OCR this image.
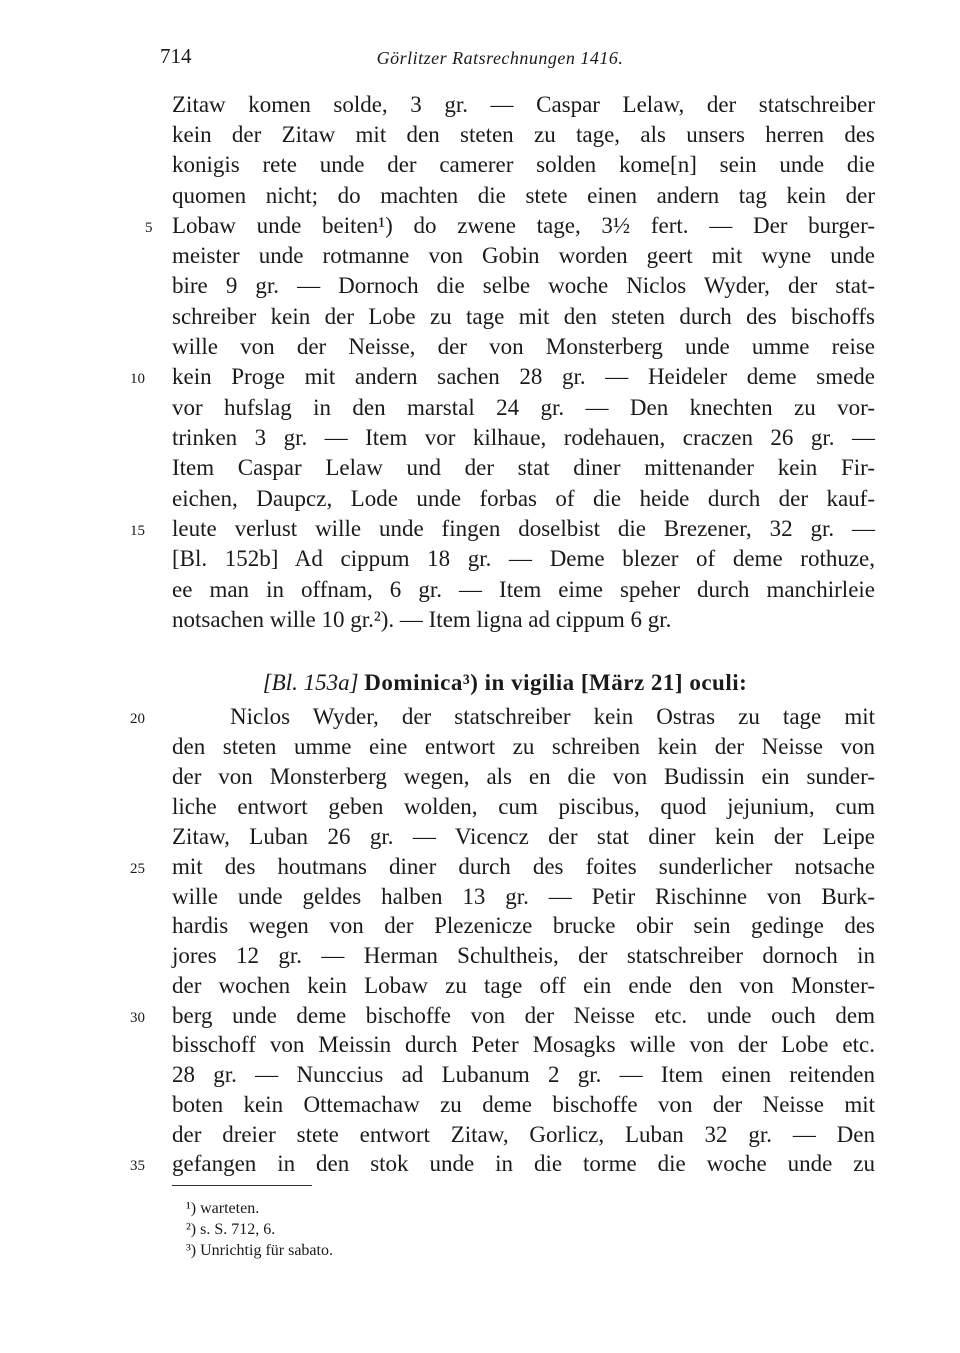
714	Görlitzer Ratsrechnungen 1416.
Zitaw komen solde, 3 gr. — Caspar Lelaw, der statschreiber
kein der Zitaw mit den steten zu tage, als unsers herren des
konigis rete unde der camerer solden kome[n] sein unde die
quomen nicht; do machten die stete einen andern tag kein der
Lobaw unde beiten¹) do zwene tage, 3½ fert. — Der burger-
meister unde rotmanne von Gobin worden geert mit wyne unde
bire 9 gr. — Dornoch die selbe woche Niclos Wyder, der stat-
schreiber kein der Lobe zu tage mit den steten durch des bischoffs
wille von der Neisse, der von Monsterberg unde umme reise
kein Proge mit andern sachen 28 gr. — Heideler deme smede
vor hufslag in den marstal 24 gr. — Den knechten zu vor-
trinken 3 gr. — Item vor kilhaue, rodehauen, craczen 26 gr. —
Item Caspar Lelaw und der stat diner mittenander kein Fir-
eichen, Daupcz, Lode unde forbas of die heide durch der kauf-
leute verlust wille unde fingen doselbist die Brezener, 32 gr. —
[Bl. 152b] Ad cippum 18 gr. — Deme blezer of deme rothuze,
ee man in offnam, 6 gr. — Item eime speher durch manchirleie
notsachen wille 10 gr.²). — Item ligna ad cippum 6 gr.
[Bl. 153a] Dominica³) in vigilia [März 21] oculi:
Niclos Wyder, der statschreiber kein Ostras zu tage mit
den steten umme eine entwort zu schreiben kein der Neisse von
der von Monsterberg wegen, als en die von Budissin ein sunder-
liche entwort geben wolden, cum piscibus, quod jejunium, cum
Zitaw, Luban 26 gr. — Vicencz der stat diner kein der Leipe
mit des houtmans diner durch des foites sunderlicher notsache
wille unde geldes halben 13 gr. — Petir Rischinne von Burk-
hardis wegen von der Plezenicze brucke obir sein gedinge des
jores 12 gr. — Herman Schultheis, der statschreiber dornoch in
der wochen kein Lobaw zu tage off ein ende den von Monster-
berg unde deme bischoffe von der Neisse etc. unde ouch dem
bisschoff von Meissin durch Peter Mosagks wille von der Lobe etc.
28 gr. — Nunccius ad Lubanum 2 gr. — Item einen reitenden
boten kein Ottemachaw zu deme bischoffe von der Neisse mit
der dreier stete entwort Zitaw, Gorlicz, Luban 32 gr. — Den
gefangen in den stok unde in die torme die woche unde zu
5
10
15
20
25
30
35
¹) warteten.
²) s. S. 712, 6.
³) Unrichtig für sabato.
